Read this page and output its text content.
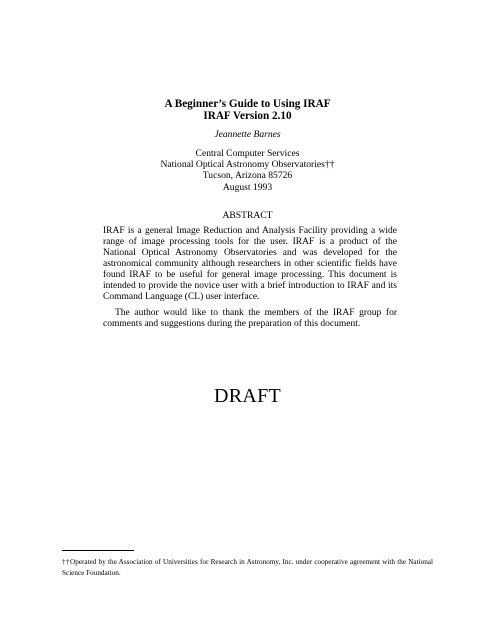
A Beginner’s Guide to Using IRAF
IRAF Version 2.10
Jeannette Barnes
Central Computer Services
National Optical Astronomy Observatories††
Tucson, Arizona 85726
August 1993
ABSTRACT

IRAF is a general Image Reduction and Analysis Facility providing a wide range of image processing tools for the user. IRAF is a product of the National Optical Astronomy Observatories and was developed for the astronomical community although researchers in other scientific fields have found IRAF to be useful for general image processing. This document is intended to provide the novice user with a brief introduction to IRAF and its Command Language (CL) user interface.

The author would like to thank the members of the IRAF group for comments and suggestions during the preparation of this document.

DRAFT
††Operated by the Association of Universities for Research in Astronomy, Inc. under cooperative agreement with the National Science Foundation.
